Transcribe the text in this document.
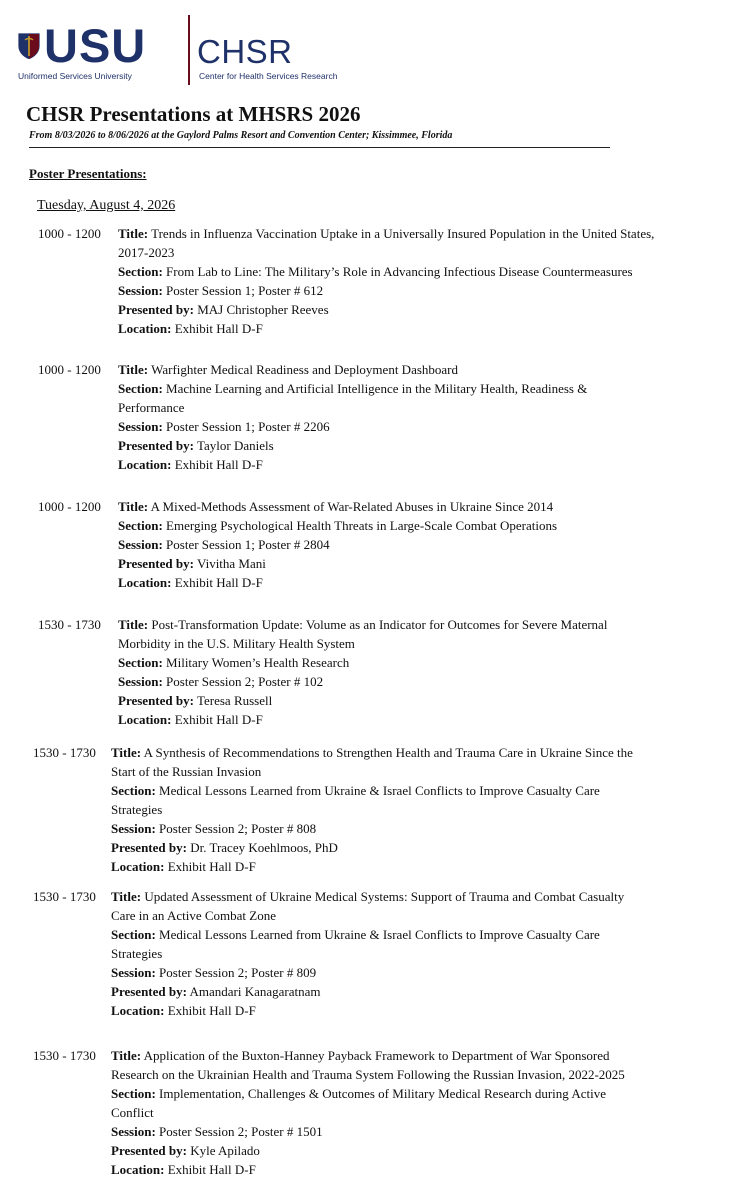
USU
Uniformed Services University
CHSR
Center for Health Services Research
CHSR Presentations at MHSRS 2026
From 8/03/2026 to 8/06/2026 at the Gaylord Palms Resort and Convention Center; Kissimmee, Florida
Poster Presentations:
Tuesday, August 4, 2026
1000 - 1200 Title: Trends in Influenza Vaccination Uptake in a Universally Insured Population in the United States,
2017-2023
Section: From Lab to Line: The Military’s Role in Advancing Infectious Disease Countermeasures
Session: Poster Session 1; Poster # 612
Presented by: MAJ Christopher Reeves
Location: Exhibit Hall D-F
1000 - 1200 Title: Warfighter Medical Readiness and Deployment Dashboard
Section: Machine Learning and Artificial Intelligence in the Military Health, Readiness &
Performance
Session: Poster Session 1; Poster # 2206
Presented by: Taylor Daniels
Location: Exhibit Hall D-F
1000 - 1200 Title: A Mixed-Methods Assessment of War-Related Abuses in Ukraine Since 2014
Section: Emerging Psychological Health Threats in Large-Scale Combat Operations
Session: Poster Session 1; Poster # 2804
Presented by: Vivitha Mani
Location: Exhibit Hall D-F
1530 - 1730 Title: Post-Transformation Update: Volume as an Indicator for Outcomes for Severe Maternal
Morbidity in the U.S. Military Health System
Section: Military Women’s Health Research
Session: Poster Session 2; Poster # 102
Presented by: Teresa Russell
Location: Exhibit Hall D-F
1530 - 1730 Title: A Synthesis of Recommendations to Strengthen Health and Trauma Care in Ukraine Since the
Start of the Russian Invasion
Section: Medical Lessons Learned from Ukraine & Israel Conflicts to Improve Casualty Care
Strategies
Session: Poster Session 2; Poster # 808
Presented by: Dr. Tracey Koehlmoos, PhD
Location: Exhibit Hall D-F
1530 - 1730 Title: Updated Assessment of Ukraine Medical Systems: Support of Trauma and Combat Casualty
Care in an Active Combat Zone
Section: Medical Lessons Learned from Ukraine & Israel Conflicts to Improve Casualty Care
Strategies
Session: Poster Session 2; Poster # 809
Presented by: Amandari Kanagaratnam
Location: Exhibit Hall D-F
1530 - 1730 Title: Application of the Buxton-Hanney Payback Framework to Department of War Sponsored
Research on the Ukrainian Health and Trauma System Following the Russian Invasion, 2022-2025
Section: Implementation, Challenges & Outcomes of Military Medical Research during Active
Conflict
Session: Poster Session 2; Poster # 1501
Presented by: Kyle Apilado
Location: Exhibit Hall D-F
